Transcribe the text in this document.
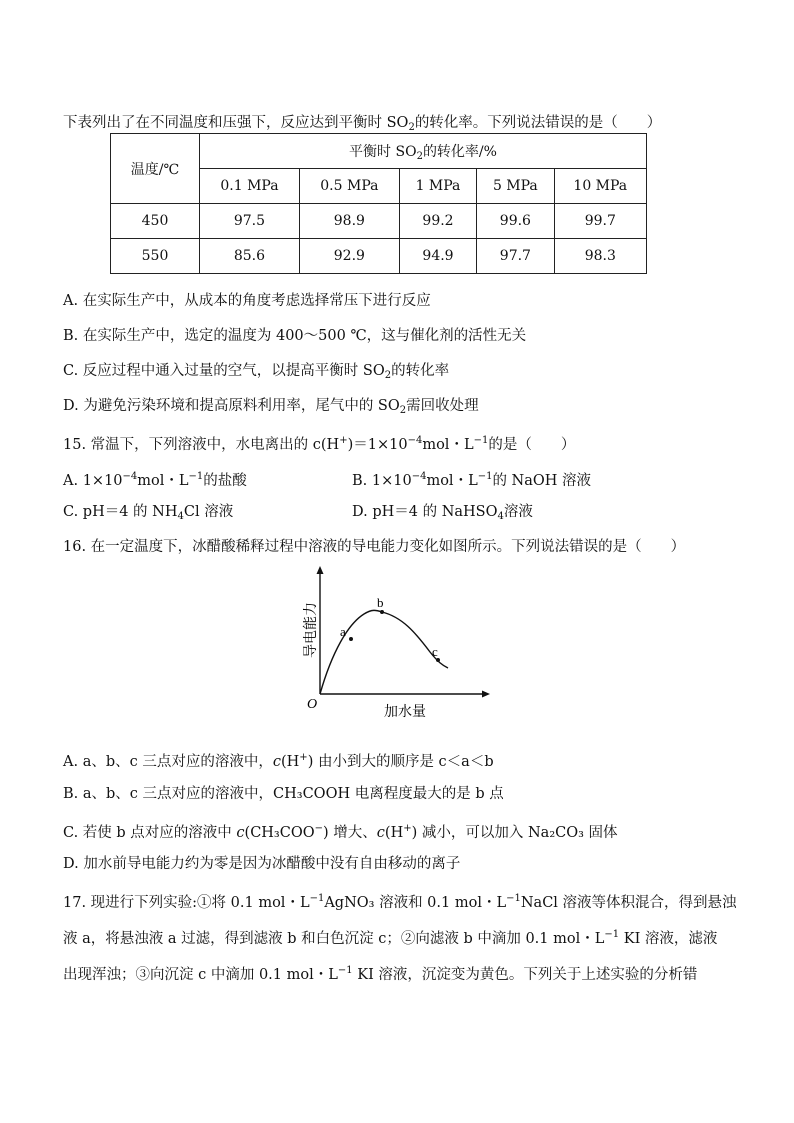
下表列出了在不同温度和压强下，反应达到平衡时 $SO_2$的转化率。下列说法错误的是（　　）
温度/℃	平衡时 $SO_2$的转化率/%				
	0.1 MPa	0.5 MPa	1 MPa	5 MPa	10 MPa
450	97.5	98.9	99.2	99.6	99.7
550	85.6	92.9	94.9	97.7	98.3
A. 在实际生产中，从成本的角度考虑选择常压下进行反应
B. 在实际生产中，选定的温度为 400～500 ℃，这与催化剂的活性无关
C. 反应过程中通入过量的空气，以提高平衡时 $SO_2$的转化率
D. 为避免污染环境和提高原料利用率，尾气中的 $SO_2$需回收处理
15. 常温下，下列溶液中，水电离出的 $c(H^+)=1\times 10^{-4}mol$・$L^{-1}$的是（　　）
A. $1\times 10^{-4}mol$・$L^{-1}$的盐酸	B. $1\times 10^{-4}mol$・$L^{-1}$的 NaOH 溶液
C. pH＝4 的 $NH_4Cl$ 溶液	D. pH＝4 的 NaHSO$_4$溶液
16. 在一定温度下，冰醋酸稀释过程中溶液的导电能力变化如图所示。下列说法错误的是（　　）
a
b
c
O	加水量
导电能力
A. a、b、c 三点对应的溶液中，c(H+) 由小到大的顺序是 c＜a＜b
B. a、b、c 三点对应的溶液中，CH₃COOH 电离程度最大的是 b 点
C. 若使 b 点对应的溶液中 c(CH₃COO−) 增大、c(H+) 减小，可以加入 Na₂CO₃ 固体
D. 加水前导电能力约为零是因为冰醋酸中没有自由移动的离子
17. 现进行下列实验:①将 0.1 mol・$L^{-1}AgNO_3$ 溶液和 0.1 mol・$L^{-1}NaCl$ 溶液等体积混合，得到悬浊
液 a，将悬浊液 a 过滤，得到滤液 b 和白色沉淀 c；②向滤液 b 中滴加 0.1 mol・$L^{-1}$ KI 溶液，滤液
出现浑浊；③向沉淀 c 中滴加 0.1 mol・$L^{-1}$ KI 溶液，沉淀变为黄色。下列关于上述实验的分析错
